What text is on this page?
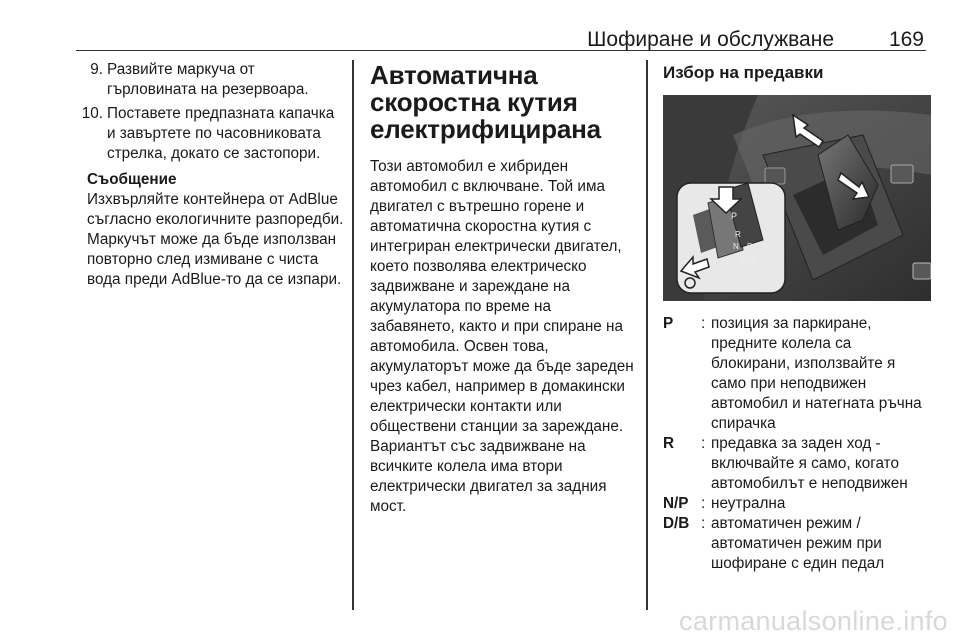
Шофиране и обслужване	169
9. Развийте маркуча от гърловината на резервоара.
10. Поставете предпазната капачка и завъртете по часовниковата стрелка, докато се застопори.
Съобщение
Изхвърляйте контейнера от AdBlue съгласно екологичните разпоредби. Маркучът може да бъде използван повторно след измиване с чиста вода преди AdBlue-то да се изпари.
Автоматична скоростна кутия електрифицирана
Този автомобил е хибриден автомобил с включване. Той има двигател с вътрешно горене и автоматична скоростна кутия с интегриран електрически двигател, което позволява електрическо задвижване и зареждане на акумулатора по време на забавянето, както и при спиране на автомобила. Освен това, акумулаторът може да бъде зареден чрез кабел, например в домакински електрически контакти или обществени станции за зареждане. Вариантът със задвижване на всичките колела има втори електрически двигател за задния мост.
Избор на предавки
P
R
N P
D/B
P	: позиция за паркиране, предните колела са блокирани, използвайте я само при неподвижен автомобил и натегната ръчна спирачка
R	: предавка за заден ход - включвайте я само, когато автомобилът е неподвижен
N/P : неутрална
D/B : автоматичен режим / автоматичен режим при шофиране с един педал
carmanualsonline.info
